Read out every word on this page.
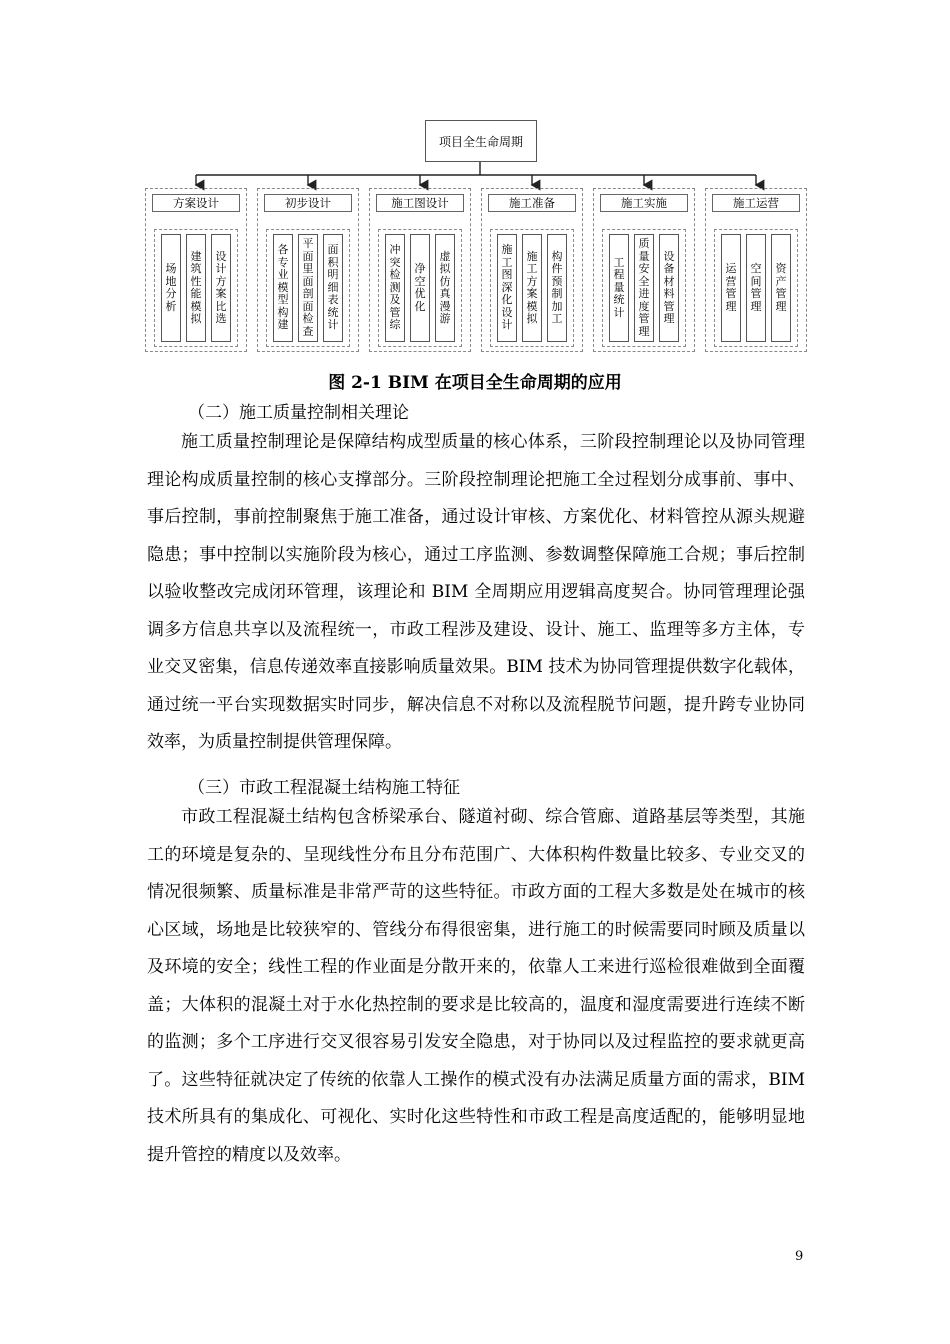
项目全生命周期
方案设计
场地分析
建筑性能模拟
设计方案比选
初步设计
各专业模型构建
平面里面剖面检查
面积明细表统计
施工图设计
冲突检测及管综
净空优化
虚拟仿真漫游
施工准备
施工图深化设计
施工方案模拟
构件预制加工
施工实施
工程量统计
质量安全进度管理
设备材料管理
施工运营
运营管理
空间管理
资产管理
图 2-1 BIM 在项目全生命周期的应用
（二）施工质量控制相关理论

施工质量控制理论是保障结构成型质量的核心体系，三阶段控制理论以及协同管理理论构成质量控制的核心支撑部分。三阶段控制理论把施工全过程划分成事前、事中、事后控制，事前控制聚焦于施工准备，通过设计审核、方案优化、材料管控从源头规避隐患；事中控制以实施阶段为核心，通过工序监测、参数调整保障施工合规；事后控制以验收整改完成闭环管理，该理论和 BIM 全周期应用逻辑高度契合。协同管理理论强调多方信息共享以及流程统一，市政工程涉及建设、设计、施工、监理等多方主体，专业交叉密集，信息传递效率直接影响质量效果。BIM 技术为协同管理提供数字化载体，通过统一平台实现数据实时同步，解决信息不对称以及流程脱节问题，提升跨专业协同效率，为质量控制提供管理保障。

（三）市政工程混凝土结构施工特征

市政工程混凝土结构包含桥梁承台、隧道衬砌、综合管廊、道路基层等类型，其施工的环境是复杂的、呈现线性分布且分布范围广、大体积构件数量比较多、专业交叉的情况很频繁、质量标准是非常严苛的这些特征。市政方面的工程大多数是处在城市的核心区域，场地是比较狭窄的、管线分布得很密集，进行施工的时候需要同时顾及质量以及环境的安全；线性工程的作业面是分散开来的，依靠人工来进行巡检很难做到全面覆盖；大体积的混凝土对于水化热控制的要求是比较高的，温度和湿度需要进行连续不断的监测；多个工序进行交叉很容易引发安全隐患，对于协同以及过程监控的要求就更高了。这些特征就决定了传统的依靠人工操作的模式没有办法满足质量方面的需求，BIM 技术所具有的集成化、可视化、实时化这些特性和市政工程是高度适配的，能够明显地提升管控的精度以及效率。

9
